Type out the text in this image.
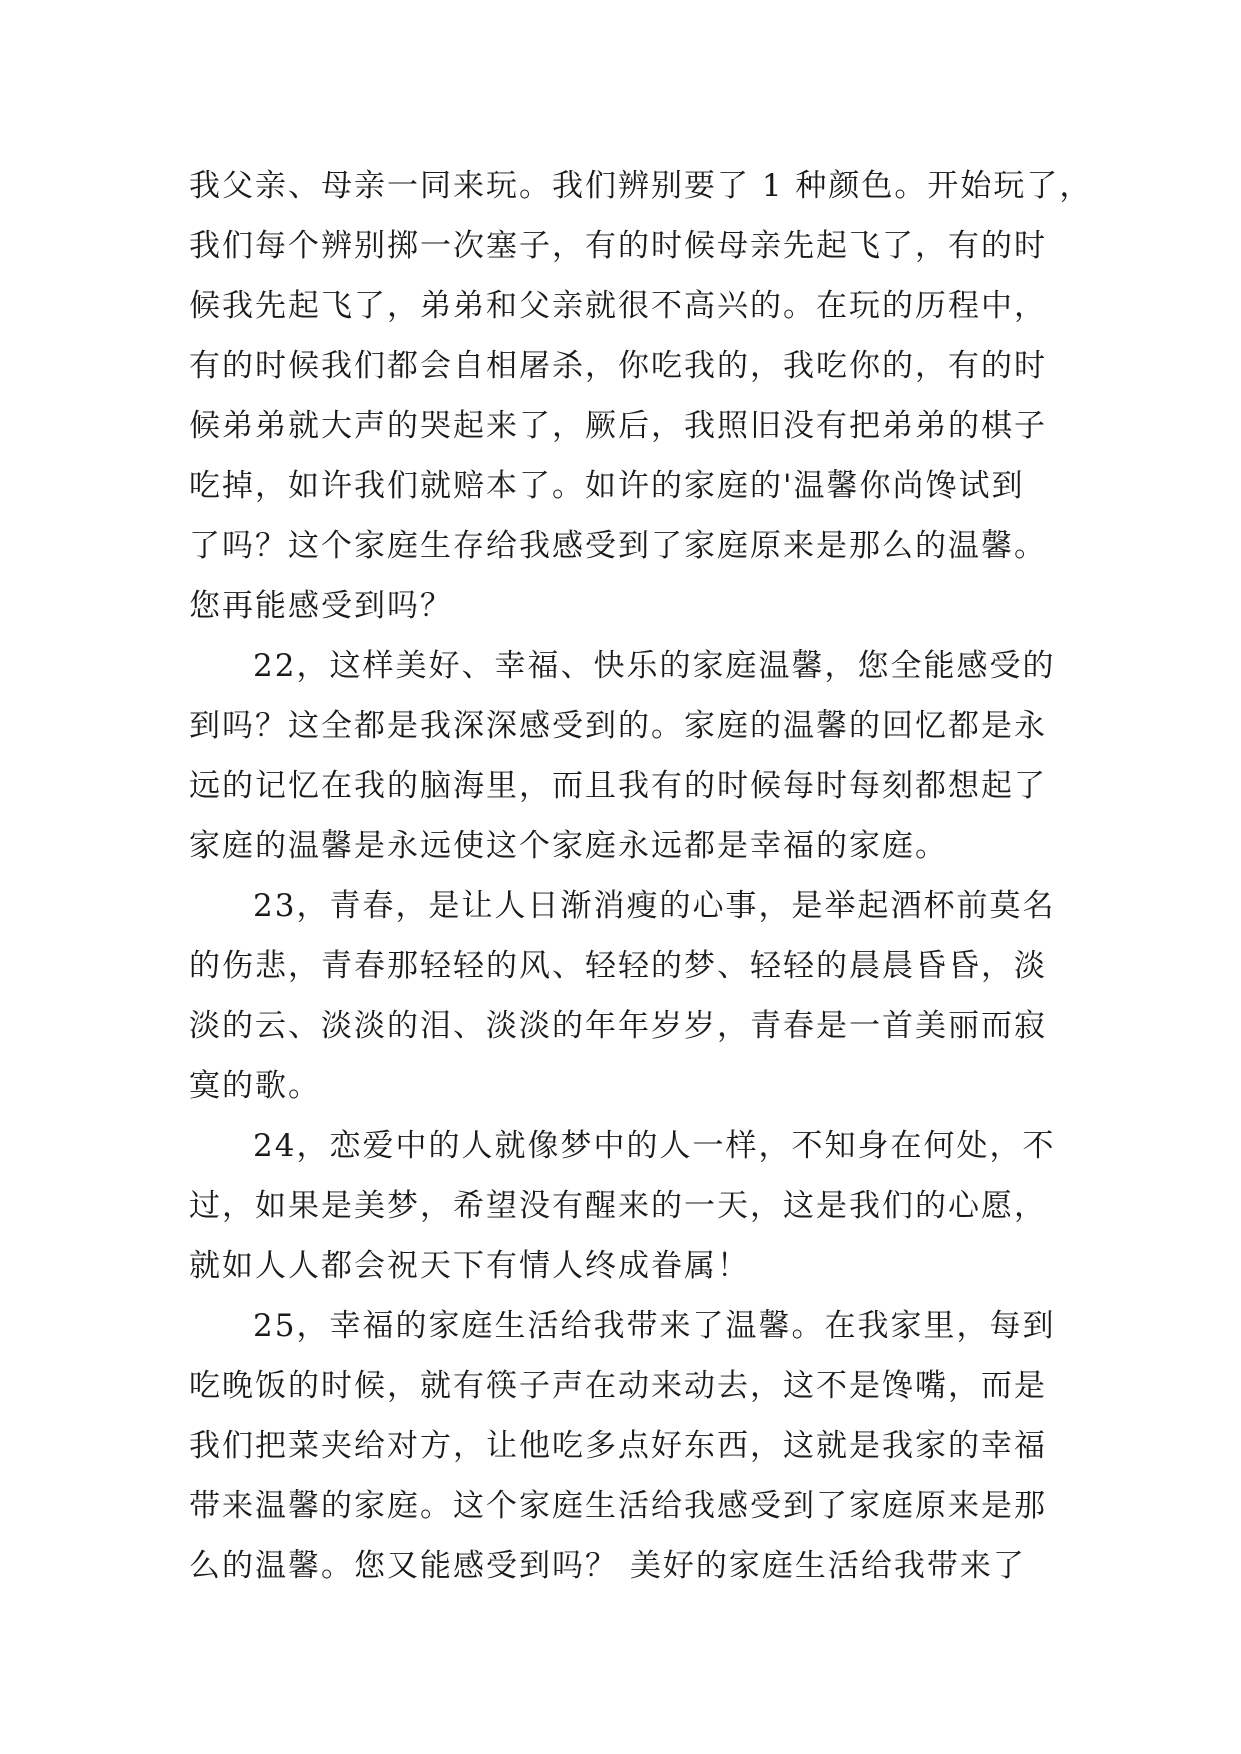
我父亲、母亲一同来玩。我们辨别要了 1 种颜色。开始玩了，
我们每个辨别掷一次塞子，有的时候母亲先起飞了，有的时
候我先起飞了，弟弟和父亲就很不高兴的。在玩的历程中，
有的时候我们都会自相屠杀，你吃我的，我吃你的，有的时
候弟弟就大声的哭起来了，厥后，我照旧没有把弟弟的棋子
吃掉，如许我们就赔本了。如许的家庭的'温馨你尚馋试到
了吗？这个家庭生存给我感受到了家庭原来是那么的温馨。
您再能感受到吗？
22，这样美好、幸福、快乐的家庭温馨，您全能感受的
到吗？这全都是我深深感受到的。家庭的温馨的回忆都是永
远的记忆在我的脑海里，而且我有的时候每时每刻都想起了
家庭的温馨是永远使这个家庭永远都是幸福的家庭。
23，青春，是让人日渐消瘦的心事，是举起酒杯前莫名
的伤悲，青春那轻轻的风、轻轻的梦、轻轻的晨晨昏昏，淡
淡的云、淡淡的泪、淡淡的年年岁岁，青春是一首美丽而寂
寞的歌。
24，恋爱中的人就像梦中的人一样，不知身在何处，不
过，如果是美梦，希望没有醒来的一天，这是我们的心愿，
就如人人都会祝天下有情人终成眷属！
25，幸福的家庭生活给我带来了温馨。在我家里，每到
吃晚饭的时候，就有筷子声在动来动去，这不是馋嘴，而是
我们把菜夹给对方，让他吃多点好东西，这就是我家的幸福
带来温馨的家庭。这个家庭生活给我感受到了家庭原来是那
么的温馨。您又能感受到吗？ 美好的家庭生活给我带来了
